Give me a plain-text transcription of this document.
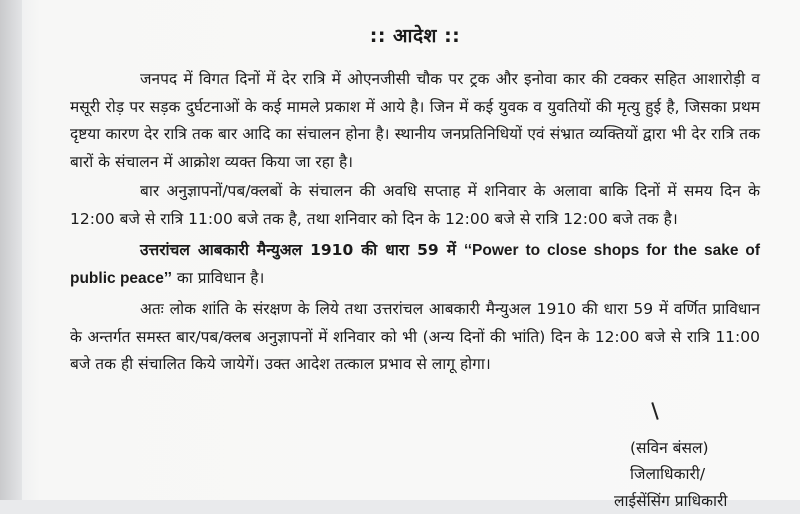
:: आदेश ::

जनपद में विगत दिनों में देर रात्रि में ओएनजीसी चौक पर ट्रक और इनोवा कार की टक्कर सहित आशारोड़ी व मसूरी रोड़ पर सड़क दुर्घटनाओं के कई मामले प्रकाश में आये है। जिन में कई युवक व युवतियों की मृत्यु हुई है, जिसका प्रथम दृष्टया कारण देर रात्रि तक बार आदि का संचालन होना है। स्थानीय जनप्रतिनिधियों एवं संभ्रात व्यक्तियों द्वारा भी देर रात्रि तक बारों के संचालन में आक्रोश व्यक्त किया जा रहा है।

बार अनुज्ञापनों/पब/क्लबों के संचालन की अवधि सप्ताह में शनिवार के अलावा बाकि दिनों में समय दिन के 12:00 बजे से रात्रि 11:00 बजे तक है, तथा शनिवार को दिन के 12:00 बजे से रात्रि 12:00 बजे तक है।

उत्तरांचल आबकारी मैन्युअल 1910 की धारा 59 में ‘‘Power to close shops for the sake of public peace’’ का प्राविधान है।

अतः लोक शांति के संरक्षण के लिये तथा उत्तरांचल आबकारी मैन्युअल 1910 की धारा 59 में वर्णित प्राविधान के अन्तर्गत समस्त बार/पब/क्लब अनुज्ञापनों में शनिवार को भी (अन्य दिनों की भांति) दिन के 12:00 बजे से रात्रि 11:00 बजे तक ही संचालित किये जायेगें। उक्त आदेश तत्काल प्रभाव से लागू होगा।

(सविन बंसल)
जिलाधिकारी/
लाईसेंसिंग प्राधिकारी
